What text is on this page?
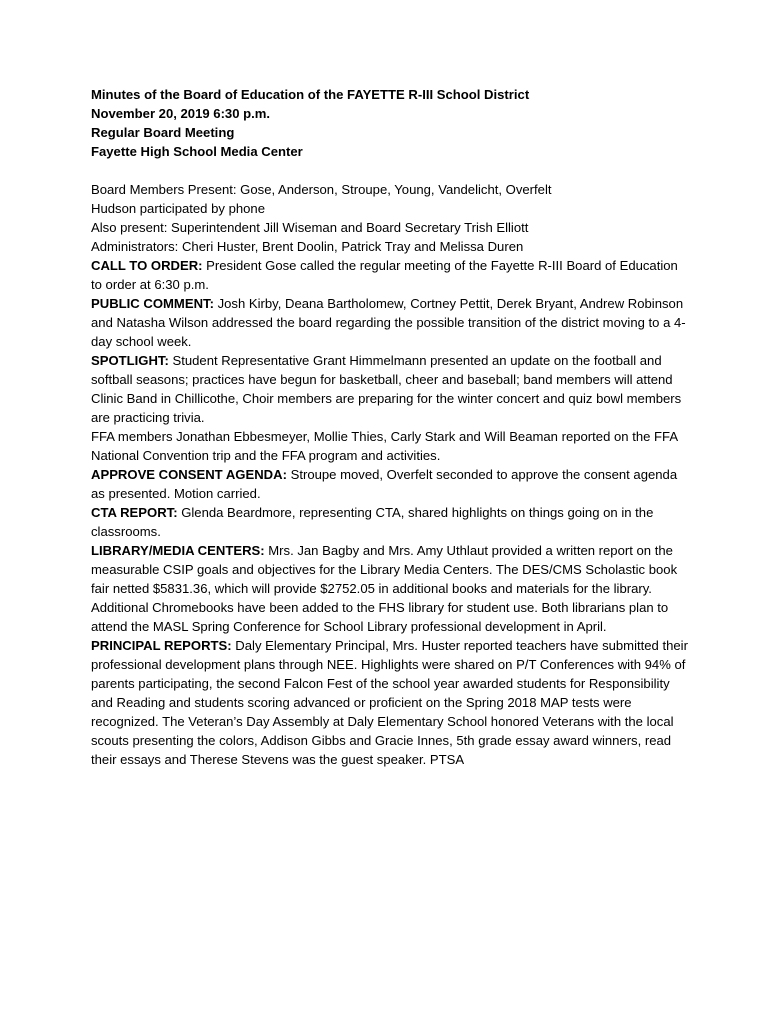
Minutes of the Board of Education of the FAYETTE R-III School District

November 20, 2019 6:30 p.m.

Regular Board Meeting

Fayette High School Media Center

Board Members Present: Gose, Anderson, Stroupe, Young, Vandelicht, Overfelt

Hudson participated by phone

Also present: Superintendent Jill Wiseman and Board Secretary Trish Elliott

Administrators: Cheri Huster, Brent Doolin, Patrick Tray and Melissa Duren

CALL TO ORDER: President Gose called the regular meeting of the Fayette R-III Board of Education to order at 6:30 p.m.

PUBLIC COMMENT: Josh Kirby, Deana Bartholomew, Cortney Pettit, Derek Bryant, Andrew Robinson and Natasha Wilson addressed the board regarding the possible transition of the district moving to a 4-day school week.

SPOTLIGHT: Student Representative Grant Himmelmann presented an update on the football and softball seasons; practices have begun for basketball, cheer and baseball; band members will attend Clinic Band in Chillicothe, Choir members are preparing for the winter concert and quiz bowl members are practicing trivia.

FFA members Jonathan Ebbesmeyer, Mollie Thies, Carly Stark and Will Beaman reported on the FFA National Convention trip and the FFA program and activities.

APPROVE CONSENT AGENDA: Stroupe moved, Overfelt seconded to approve the consent agenda as presented. Motion carried.

CTA REPORT: Glenda Beardmore, representing CTA, shared highlights on things going on in the classrooms.

LIBRARY/MEDIA CENTERS: Mrs. Jan Bagby and Mrs. Amy Uthlaut provided a written report on the measurable CSIP goals and objectives for the Library Media Centers. The DES/CMS Scholastic book fair netted $5831.36, which will provide $2752.05 in additional books and materials for the library. Additional Chromebooks have been added to the FHS library for student use. Both librarians plan to attend the MASL Spring Conference for School Library professional development in April.

PRINCIPAL REPORTS: Daly Elementary Principal, Mrs. Huster reported teachers have submitted their professional development plans through NEE. Highlights were shared on P/T Conferences with 94% of parents participating, the second Falcon Fest of the school year awarded students for Responsibility and Reading and students scoring advanced or proficient on the Spring 2018 MAP tests were recognized. The Veteran’s Day Assembly at Daly Elementary School honored Veterans with the local scouts presenting the colors, Addison Gibbs and Gracie Innes, 5th grade essay award winners, read their essays and Therese Stevens was the guest speaker. PTSA
